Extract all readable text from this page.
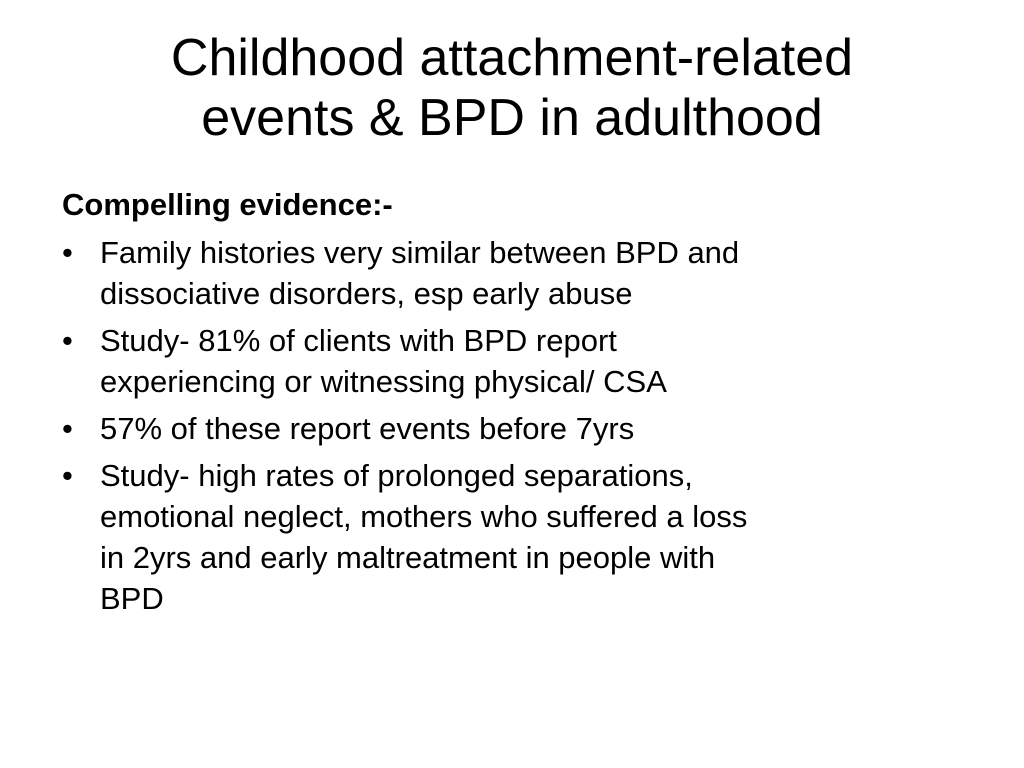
Childhood attachment-related
events & BPD in adulthood
Compelling evidence:-
• Family histories very similar between BPD and
dissociative disorders, esp early abuse
• Study- 81% of clients with BPD report
experiencing or witnessing physical/ CSA
• 57% of these report events before 7yrs
• Study- high rates of prolonged separations,
emotional neglect, mothers who suffered a loss
in 2yrs and early maltreatment in people with
BPD
